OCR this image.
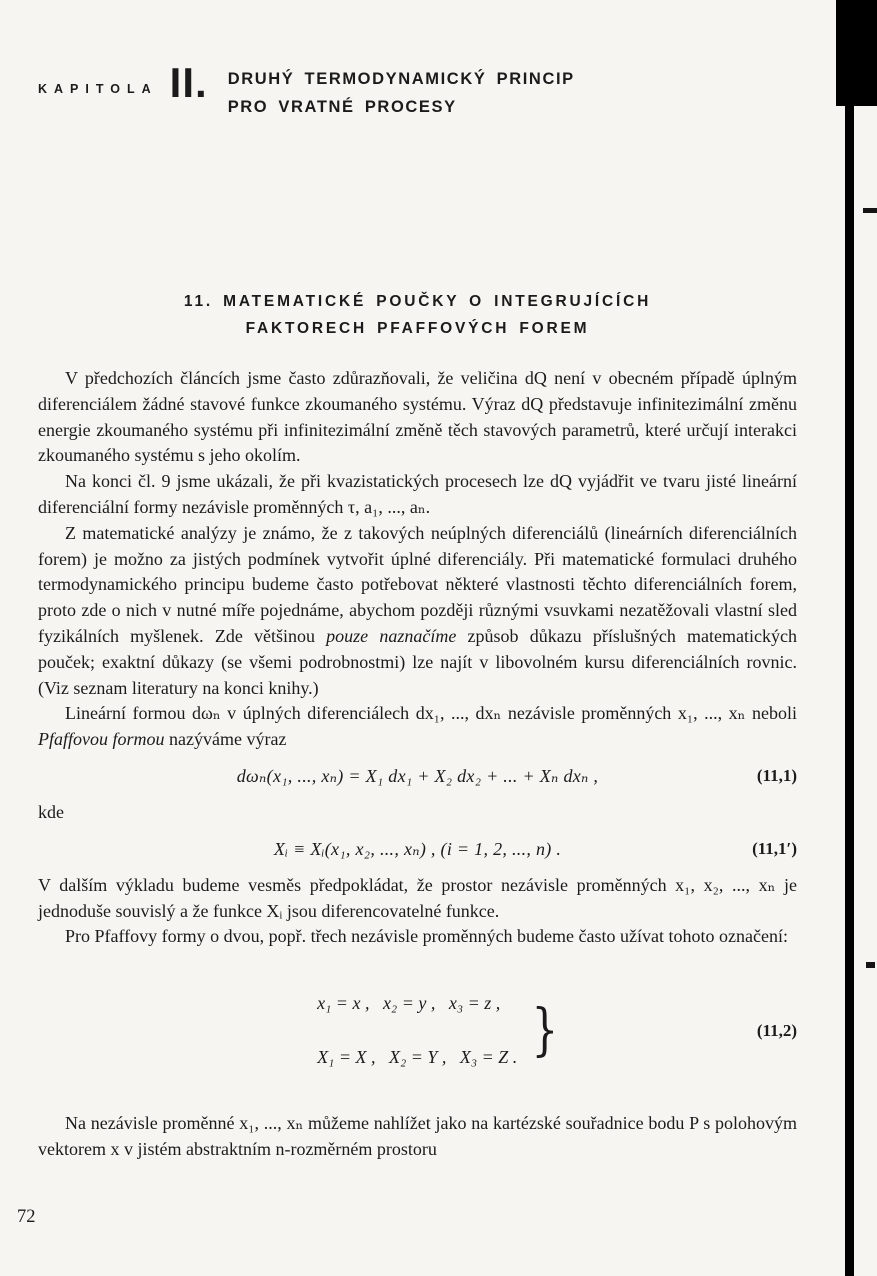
KAPITOLA II. DRUHÝ TERMODYNAMICKÝ PRINCIP
PRO VRATNÉ PROCESY
11. MATEMATICKÉ POUČKY O INTEGRUJÍCÍCH
FAKTORECH PFAFFOVÝCH FOREM

V předchozích článcích jsme často zdůrazňovali, že veličina dQ není v obecném případě úplným diferenciálem žádné stavové funkce zkoumaného systému. Výraz dQ představuje infinitezimální změnu energie zkoumaného systému při infinitezimální změně těch stavových parametrů, které určují interakci zkoumaného systému s jeho okolím.

Na konci čl. 9 jsme ukázali, že při kvazistatických procesech lze dQ vyjádřit ve tvaru jisté lineární diferenciální formy nezávisle proměnných τ, a₁, ..., aₙ.

Z matematické analýzy je známo, že z takových neúplných diferenciálů (lineárních diferenciálních forem) je možno za jistých podmínek vytvořit úplné diferenciály. Při matematické formulaci druhého termodynamického principu budeme často potřebovat některé vlastnosti těchto diferenciálních forem, proto zde o nich v nutné míře pojednáme, abychom později různými vsuvkami nezatěžovali vlastní sled fyzikálních myšlenek. Zde většinou pouze naznačíme způsob důkazu příslušných matematických pouček; exaktní důkazy (se všemi podrobnostmi) lze najít v libovolném kursu diferenciálních rovnic. (Viz seznam literatury na konci knihy.)

Lineární formou dωₙ v úplných diferenciálech dx₁, ..., dxₙ nezávisle proměnných x₁, ..., xₙ neboli Pfaffovou formou nazýváme výraz

dωₙ(x₁, ..., xₙ) = X₁ dx₁ + X₂ dx₂ + ... + Xₙ dxₙ ,	(11,1)

kde

Xᵢ ≡ Xᵢ(x₁, x₂, ..., xₙ) , (i = 1, 2, ..., n) .	(11,1′)

V dalším výkladu budeme vesměs předpokládat, že prostor nezávisle proměnných x₁, x₂, ..., xₙ je jednoduše souvislý a že funkce Xᵢ jsou diferencovatelné funkce.

Pro Pfaffovy formy o dvou, popř. třech nezávisle proměnných budeme často užívat tohoto označení:

x₁ = x ,   x₂ = y ,   x₃ = z ,

X₁ = X ,   X₂ = Y ,   X₃ = Z .
}	(11,2)

Na nezávisle proměnné x₁, ..., xₙ můžeme nahlížet jako na kartézské souřadnice bodu P s polohovým vektorem x v jistém abstraktním n-rozměrném prostoru

72
